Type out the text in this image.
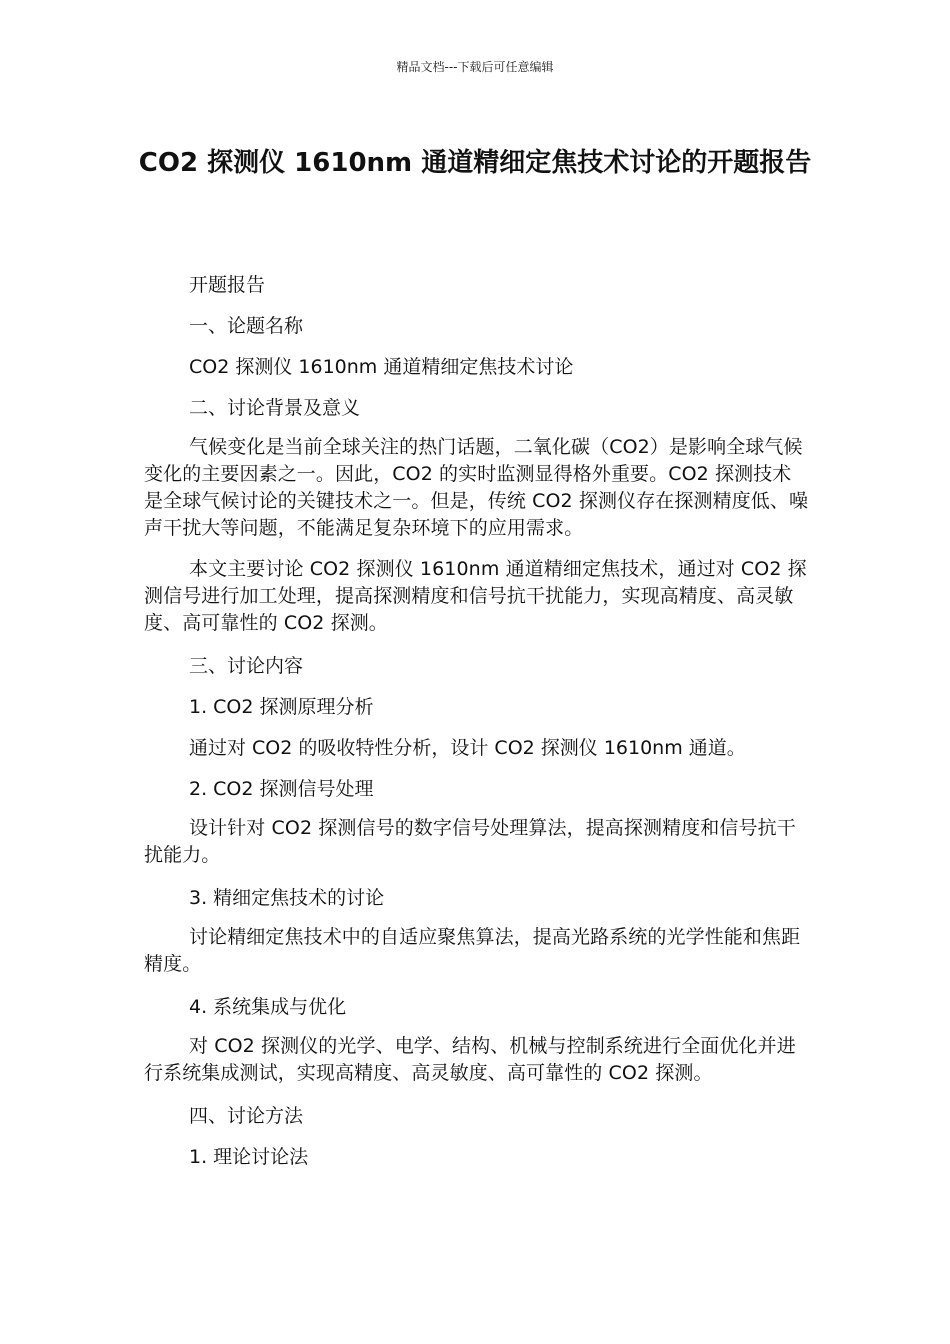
精品文档---下载后可任意编辑
CO2 探测仪 1610nm 通道精细定焦技术讨论的开题报告
开题报告
一、论题名称
CO2 探测仪 1610nm 通道精细定焦技术讨论
二、讨论背景及意义
气候变化是当前全球关注的热门话题，二氧化碳（CO2）是影响全球气候变化的主要因素之一。因此，CO2 的实时监测显得格外重要。CO2 探测技术是全球气候讨论的关键技术之一。但是，传统 CO2 探测仪存在探测精度低、噪声干扰大等问题，不能满足复杂环境下的应用需求。
本文主要讨论 CO2 探测仪 1610nm 通道精细定焦技术，通过对 CO2 探测信号进行加工处理，提高探测精度和信号抗干扰能力，实现高精度、高灵敏度、高可靠性的 CO2 探测。
三、讨论内容
1. CO2 探测原理分析
通过对 CO2 的吸收特性分析，设计 CO2 探测仪 1610nm 通道。
2. CO2 探测信号处理
设计针对 CO2 探测信号的数字信号处理算法，提高探测精度和信号抗干扰能力。
3. 精细定焦技术的讨论
讨论精细定焦技术中的自适应聚焦算法，提高光路系统的光学性能和焦距精度。
4. 系统集成与优化
对 CO2 探测仪的光学、电学、结构、机械与控制系统进行全面优化并进行系统集成测试，实现高精度、高灵敏度、高可靠性的 CO2 探测。
四、讨论方法
1. 理论讨论法
